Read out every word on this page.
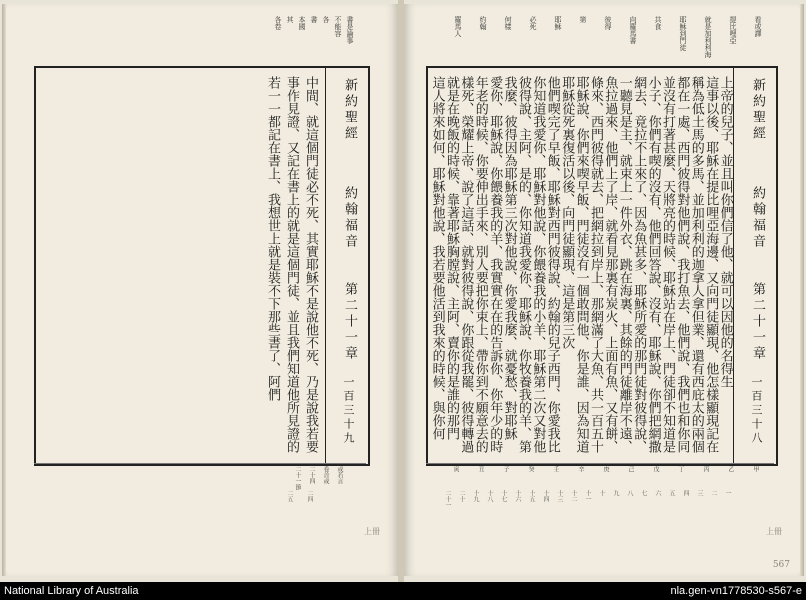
書是論事
不能容
各
書
本國
其
各卷
中間、就這個門徒必不死、其實耶穌不是說他不死、乃是說我若要
事作見證、又記在書上的就是這個門徒、並且我們知道他所見證的
若一一都記在書上、我想世上就是裝不下那些書了、阿們	新約聖經
約翰福音
第二十一章
一百三十九
或若言
卷首或
二十四
二十一節
二四
二五
上冊
看或譯
提比哩亞
就是加利利海
耶穌到門徒
共食
向羅馬書
彼得
第
耶穌
必死
何樣
約翰
羅馬人
上帝的兒子、並且叫你們信了他、就可以因他的名得生
這事以後、耶穌在提比哩亞海邊、又向門徒顯現、他怎樣顯現記在
稱為低土馬的多馬、並加利利的迦拿人拿但業、還有西庇太的兩個
都在一處、西門彼得對他們說、我打魚去、他們說、我們也和你同
並沒有打著甚麼、天將亮的時候、耶穌站在岸上、門徒卻不知道是
小子、你們有喫的沒有、他們回答說、沒有、耶穌說、你們把網撒
網去、竟拉不上來了、因為魚甚多、耶穌所愛的那門徒對彼得說、
一聽見是主、就束上一件外衣、跳在海裏、其餘的門徒離岸不遠、
魚拉過來、他們上了岸、就看見那裏有炭火、上面有魚、又有餅、
條來、西門彼得就去、把網拉到岸上、那網滿了大魚、共一百五十
耶穌說、你們來喫早飯、門徒沒有一個敢問他、你是誰、因為知道
耶穌從死裏復活以後、向門徒顯現、這是第三次
他們喫完了早飯、耶穌對西門彼得說、約翰的兒子西門、你愛我比
你知道我愛你、耶穌對他說、你餵養我的小羊、耶穌第二次又對他
彼得說、主阿、是的、你知道我愛你、耶穌說、你牧養我的羊、第
我麼、彼得因為耶穌第三次對他說、你愛我麼、就憂愁、對耶穌
愛你、耶穌說、你餵養我的羊、我實實在在的告訴你、你年少的時
年老的時候、你要伸出手來、別人要把你束上、帶你到不願意去的
樣死、榮耀上帝、說了這話、就對彼得說、你跟從我罷、彼得轉過
就是在晚飯的時候、靠著耶穌胸膛說、主阿、賣你的是誰的那門
這人將來如何、耶穌對他說、我若要他活到我來的時候、與你何
新約聖經
約翰福音
第二十一章
一百三十八
甲
乙
丙
丁
戊
己
庚
辛
壬
癸
子
丑
寅
一
二
三
四
五
六
七
八
九
十
十一
十二
十三
十四
十五
十六
十七
十八
十九
二十
二十一
上冊
567
National Library of Australia	nla.gen-vn1778530-s567-e
